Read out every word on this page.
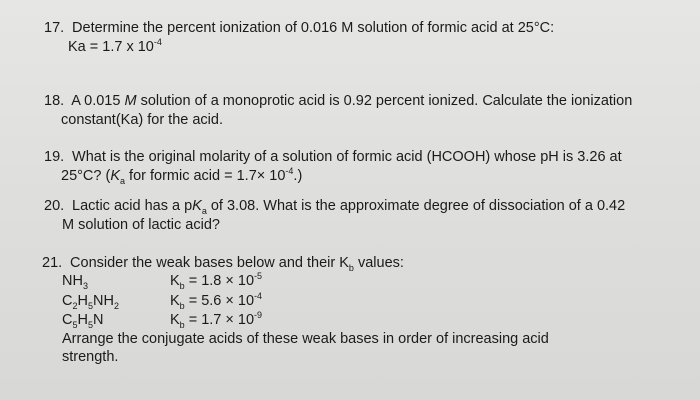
17. Determine the percent ionization of 0.016 M solution of formic acid at 25°C:
Ka = 1.7 x $10^{-4}$
18. A 0.015 M solution of a monoprotic acid is 0.92 percent ionized. Calculate the ionization
constant(Ka) for the acid.
19. What is the original molarity of a solution of formic acid (HCOOH) whose pH is 3.26 at
25°C? ($K_a$ for formic acid = $1.7\times 10^{-4}$.)
20. Lactic acid has a $pK_a$ of 3.08. What is the approximate degree of dissociation of a 0.42
M solution of lactic acid?
21. Consider the weak bases below and their $K_b$ values:
$NH_3$	$K_b = 1.8 \times 10^{-5}$
$C_2H_5NH_2$	$K_b = 5.6 \times 10^{-4}$
$C_5H_5N$	$K_b = 1.7 \times 10^{-9}$
Arrange the conjugate acids of these weak bases in order of increasing acid
strength.
